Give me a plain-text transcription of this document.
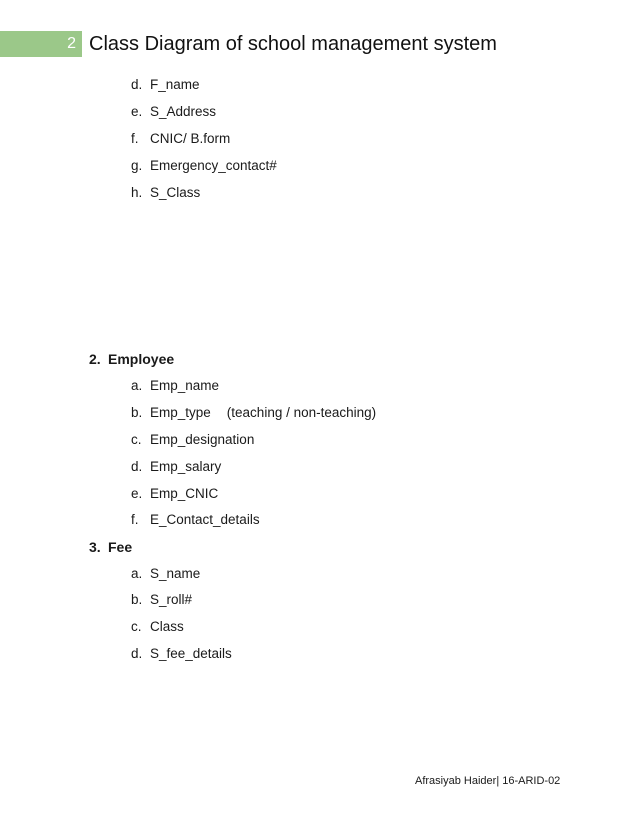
2 Class Diagram of school management system
d. F_name
e. S_Address
f. CNIC/ B.form
g. Emergency_contact#
h. S_Class
2. Employee
a. Emp_name
b. Emp_type (teaching / non-teaching)
c. Emp_designation
d. Emp_salary
e. Emp_CNIC
f. E_Contact_details
3. Fee
a. S_name
b. S_roll#
c. Class
d. S_fee_details
Afrasiyab Haider| 16-ARID-02
